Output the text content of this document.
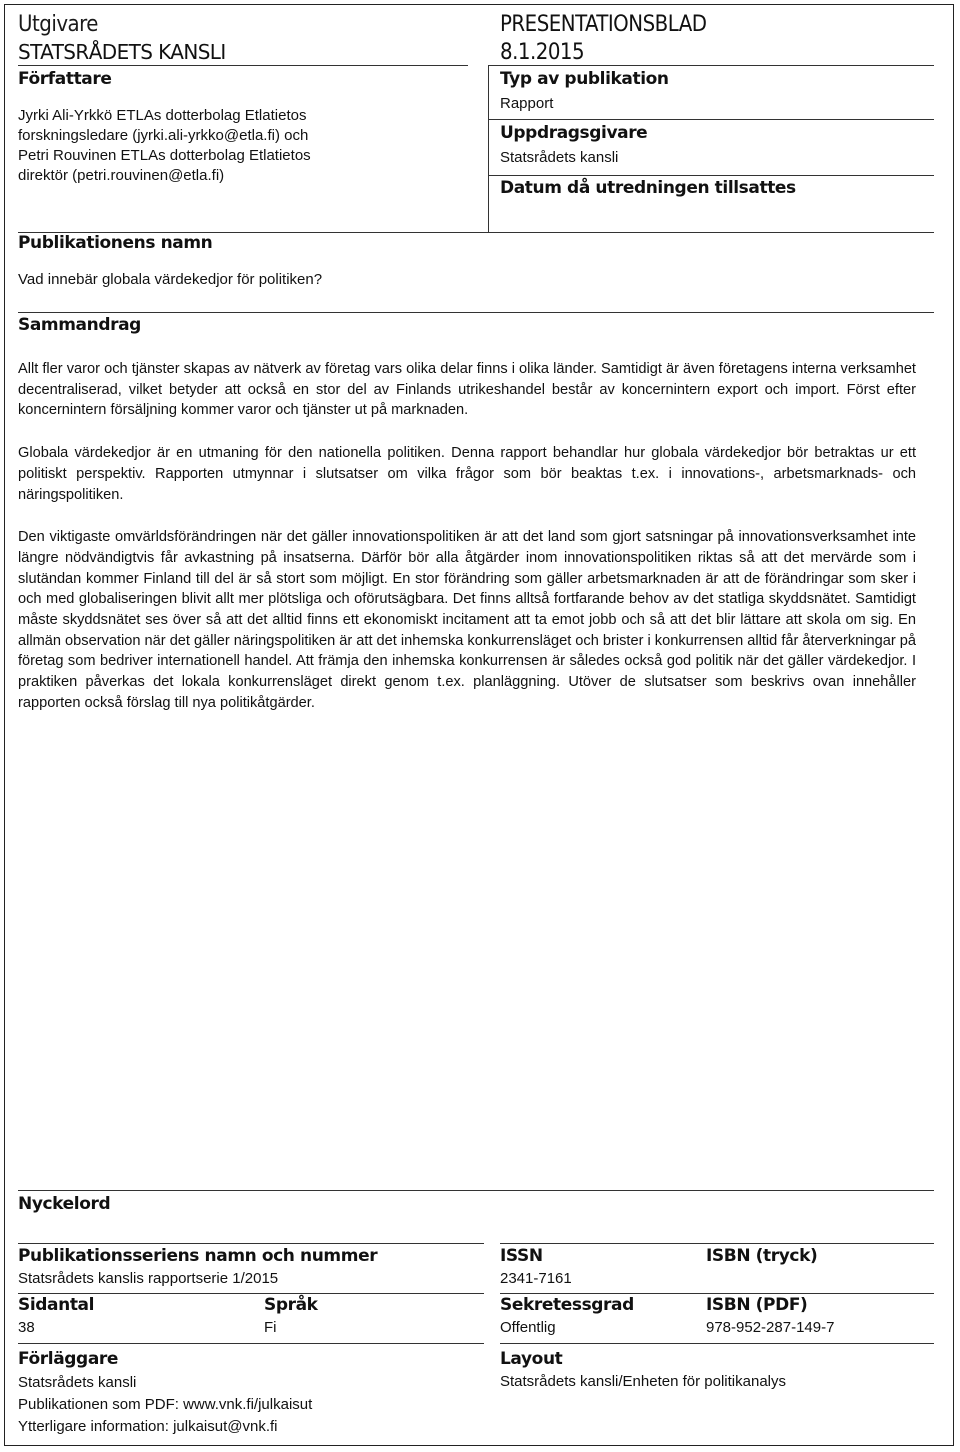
Utgivare
STATSRÅDETS KANSLI
Författare
Jyrki Ali-Yrkkö ETLAs dotterbolag Etlatietos
forskningsledare (jyrki.ali-yrkko@etla.fi) och
Petri Rouvinen ETLAs dotterbolag Etlatietos
direktör (petri.rouvinen@etla.fi)
PRESENTATIONSBLAD
8.1.2015
Typ av publikation
Rapport
Uppdragsgivare
Statsrådets kansli
Datum då utredningen tillsattes
Publikationens namn
Vad innebär globala värdekedjor för politiken?
Sammandrag

Allt fler varor och tjänster skapas av nätverk av företag vars olika delar finns i olika länder. Samtidigt är även företagens interna verksamhet decentraliserad, vilket betyder att också en stor del av Finlands utrikeshandel består av koncernintern export och import. Först efter koncernintern försäljning kommer varor och tjänster ut på marknaden.

Globala värdekedjor är en utmaning för den nationella politiken. Denna rapport behandlar hur globala värdekedjor bör betraktas ur ett politiskt perspektiv. Rapporten utmynnar i slutsatser om vilka frågor som bör beaktas t.ex. i innovations-, arbetsmarknads- och näringspolitiken.

Den viktigaste omvärldsförändringen när det gäller innovationspolitiken är att det land som gjort satsningar på innovationsverksamhet inte längre nödvändigtvis får avkastning på insatserna. Därför bör alla åtgärder inom innovationspolitiken riktas så att det mervärde som i slutändan kommer Finland till del är så stort som möjligt. En stor förändring som gäller arbetsmarknaden är att de förändringar som sker i och med globaliseringen blivit allt mer plötsliga och oförutsägbara. Det finns alltså fortfarande behov av det statliga skyddsnätet. Samtidigt måste skyddsnätet ses över så att det alltid finns ett ekonomiskt incitament att ta emot jobb och så att det blir lättare att skola om sig. En allmän observation när det gäller näringspolitiken är att det inhemska konkurrensläget och brister i konkurrensen alltid får återverkningar på företag som bedriver internationell handel. Att främja den inhemska konkurrensen är således också god politik när det gäller värdekedjor. I praktiken påverkas det lokala konkurrensläget direkt genom t.ex. planläggning. Utöver de slutsatser som beskrivs ovan innehåller rapporten också förslag till nya politikåtgärder.

Nyckelord
Publikationsseriens namn och nummer
Statsrådets kanslis rapportserie 1/2015
ISSN
2341-7161
ISBN (tryck)
Sidantal
38
Språk
Fi
Sekretessgrad
Offentlig
ISBN (PDF)
978-952-287-149-7
Förläggare
Statsrådets kansli
Publikationen som PDF: www.vnk.fi/julkaisut
Ytterligare information: julkaisut@vnk.fi
Layout
Statsrådets kansli/Enheten för politikanalys
